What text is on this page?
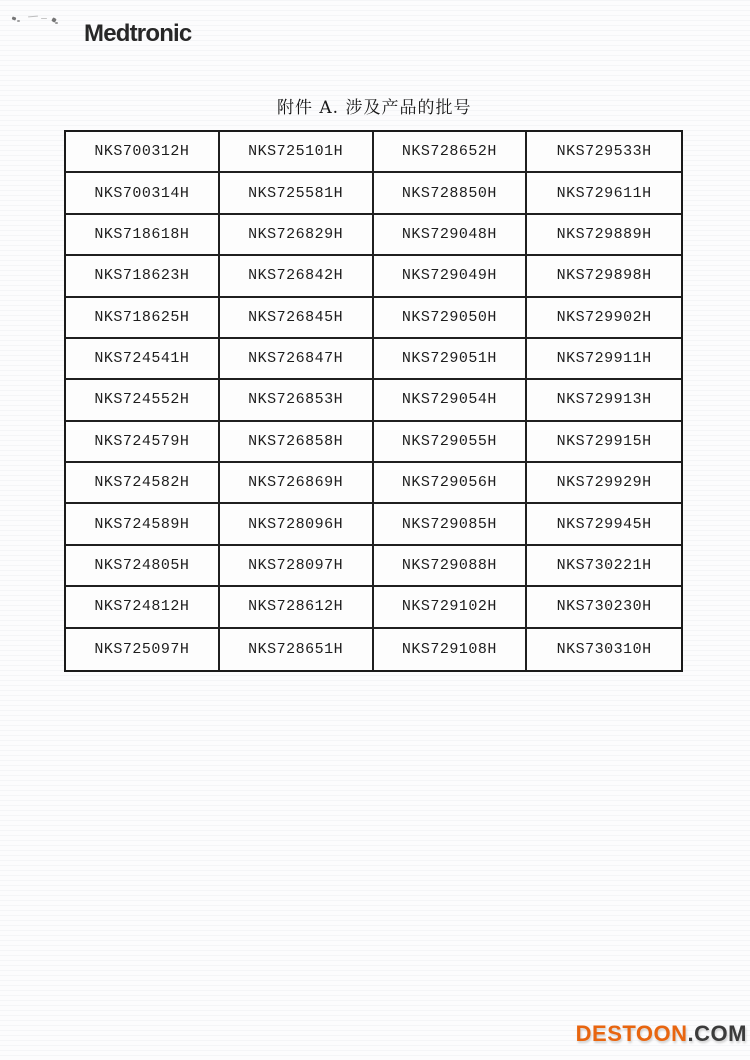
Medtronic
附件 A. 涉及产品的批号
NKS700312H	NKS725101H	NKS728652H	NKS729533H
NKS700314H	NKS725581H	NKS728850H	NKS729611H
NKS718618H	NKS726829H	NKS729048H	NKS729889H
NKS718623H	NKS726842H	NKS729049H	NKS729898H
NKS718625H	NKS726845H	NKS729050H	NKS729902H
NKS724541H	NKS726847H	NKS729051H	NKS729911H
NKS724552H	NKS726853H	NKS729054H	NKS729913H
NKS724579H	NKS726858H	NKS729055H	NKS729915H
NKS724582H	NKS726869H	NKS729056H	NKS729929H
NKS724589H	NKS728096H	NKS729085H	NKS729945H
NKS724805H	NKS728097H	NKS729088H	NKS730221H
NKS724812H	NKS728612H	NKS729102H	NKS730230H
NKS725097H	NKS728651H	NKS729108H	NKS730310H
DESTOON.COM
